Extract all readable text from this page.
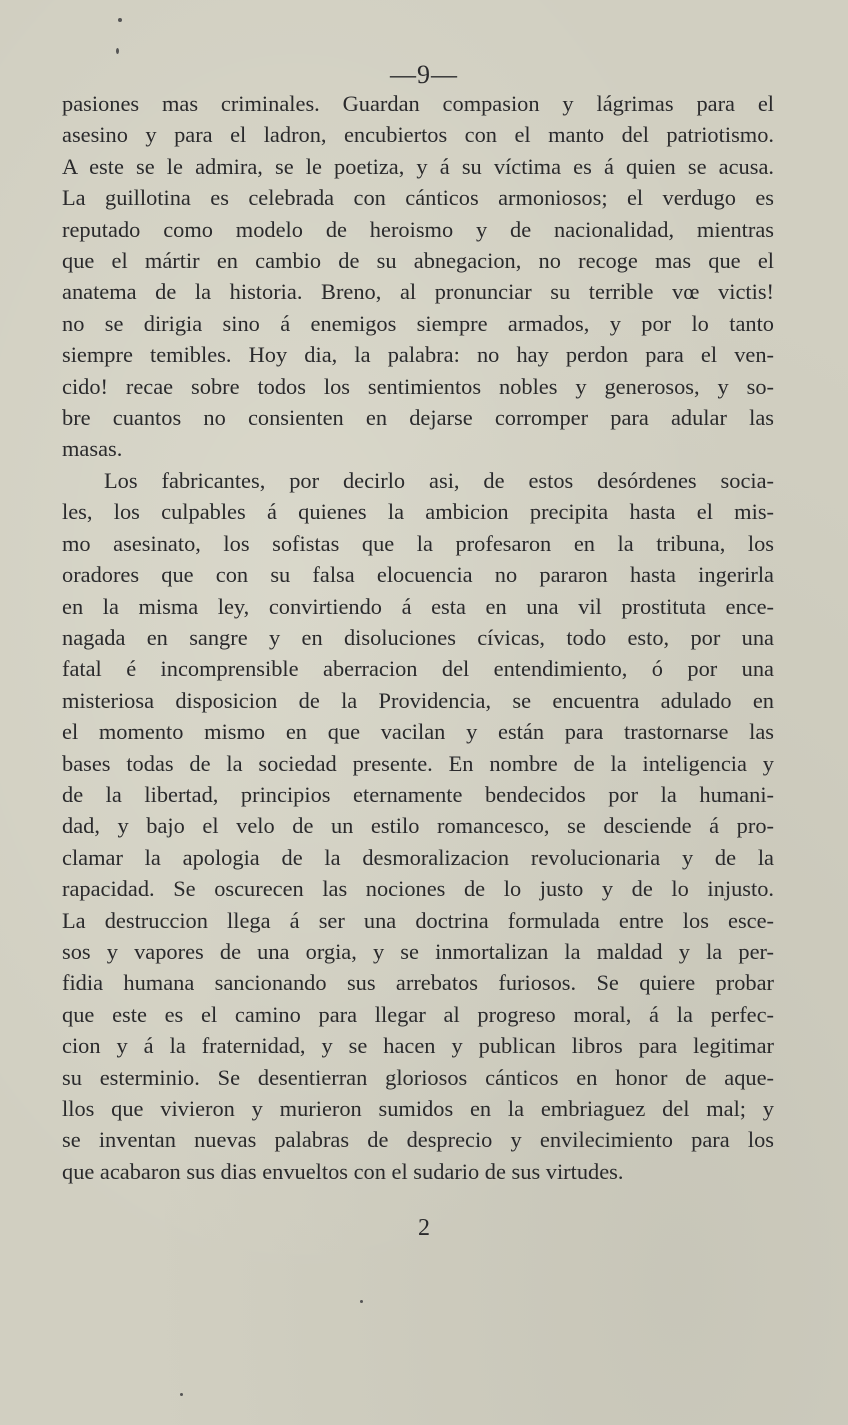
—9—

pasiones mas criminales. Guardan compasion y lágrimas para el

asesino y para el ladron, encubiertos con el manto del patriotismo.

A este se le admira, se le poetiza, y á su víctima es á quien se acusa.

La guillotina es celebrada con cánticos armoniosos; el verdugo es

reputado como modelo de heroismo y de nacionalidad, mientras

que el mártir en cambio de su abnegacion, no recoge mas que el

anatema de la historia. Breno, al pronunciar su terrible vœ victis!

no se dirigia sino á enemigos siempre armados, y por lo tanto

siempre temibles. Hoy dia, la palabra: no hay perdon para el ven-

cido! recae sobre todos los sentimientos nobles y generosos, y so-

bre cuantos no consienten en dejarse corromper para adular las

masas.

Los fabricantes, por decirlo asi, de estos desórdenes socia-

les, los culpables á quienes la ambicion precipita hasta el mis-

mo asesinato, los sofistas que la profesaron en la tribuna, los

oradores que con su falsa elocuencia no pararon hasta ingerirla

en la misma ley, convirtiendo á esta en una vil prostituta ence-

nagada en sangre y en disoluciones cívicas, todo esto, por una

fatal é incomprensible aberracion del entendimiento, ó por una

misteriosa disposicion de la Providencia, se encuentra adulado en

el momento mismo en que vacilan y están para trastornarse las

bases todas de la sociedad presente. En nombre de la inteligencia y

de la libertad, principios eternamente bendecidos por la humani-

dad, y bajo el velo de un estilo romancesco, se desciende á pro-

clamar la apologia de la desmoralizacion revolucionaria y de la

rapacidad. Se oscurecen las nociones de lo justo y de lo injusto.

La destruccion llega á ser una doctrina formulada entre los esce-

sos y vapores de una orgia, y se inmortalizan la maldad y la per-

fidia humana sancionando sus arrebatos furiosos. Se quiere probar

que este es el camino para llegar al progreso moral, á la perfec-

cion y á la fraternidad, y se hacen y publican libros para legitimar

su esterminio. Se desentierran gloriosos cánticos en honor de aque-

llos que vivieron y murieron sumidos en la embriaguez del mal; y

se inventan nuevas palabras de desprecio y envilecimiento para los

que acabaron sus dias envueltos con el sudario de sus virtudes.

2
